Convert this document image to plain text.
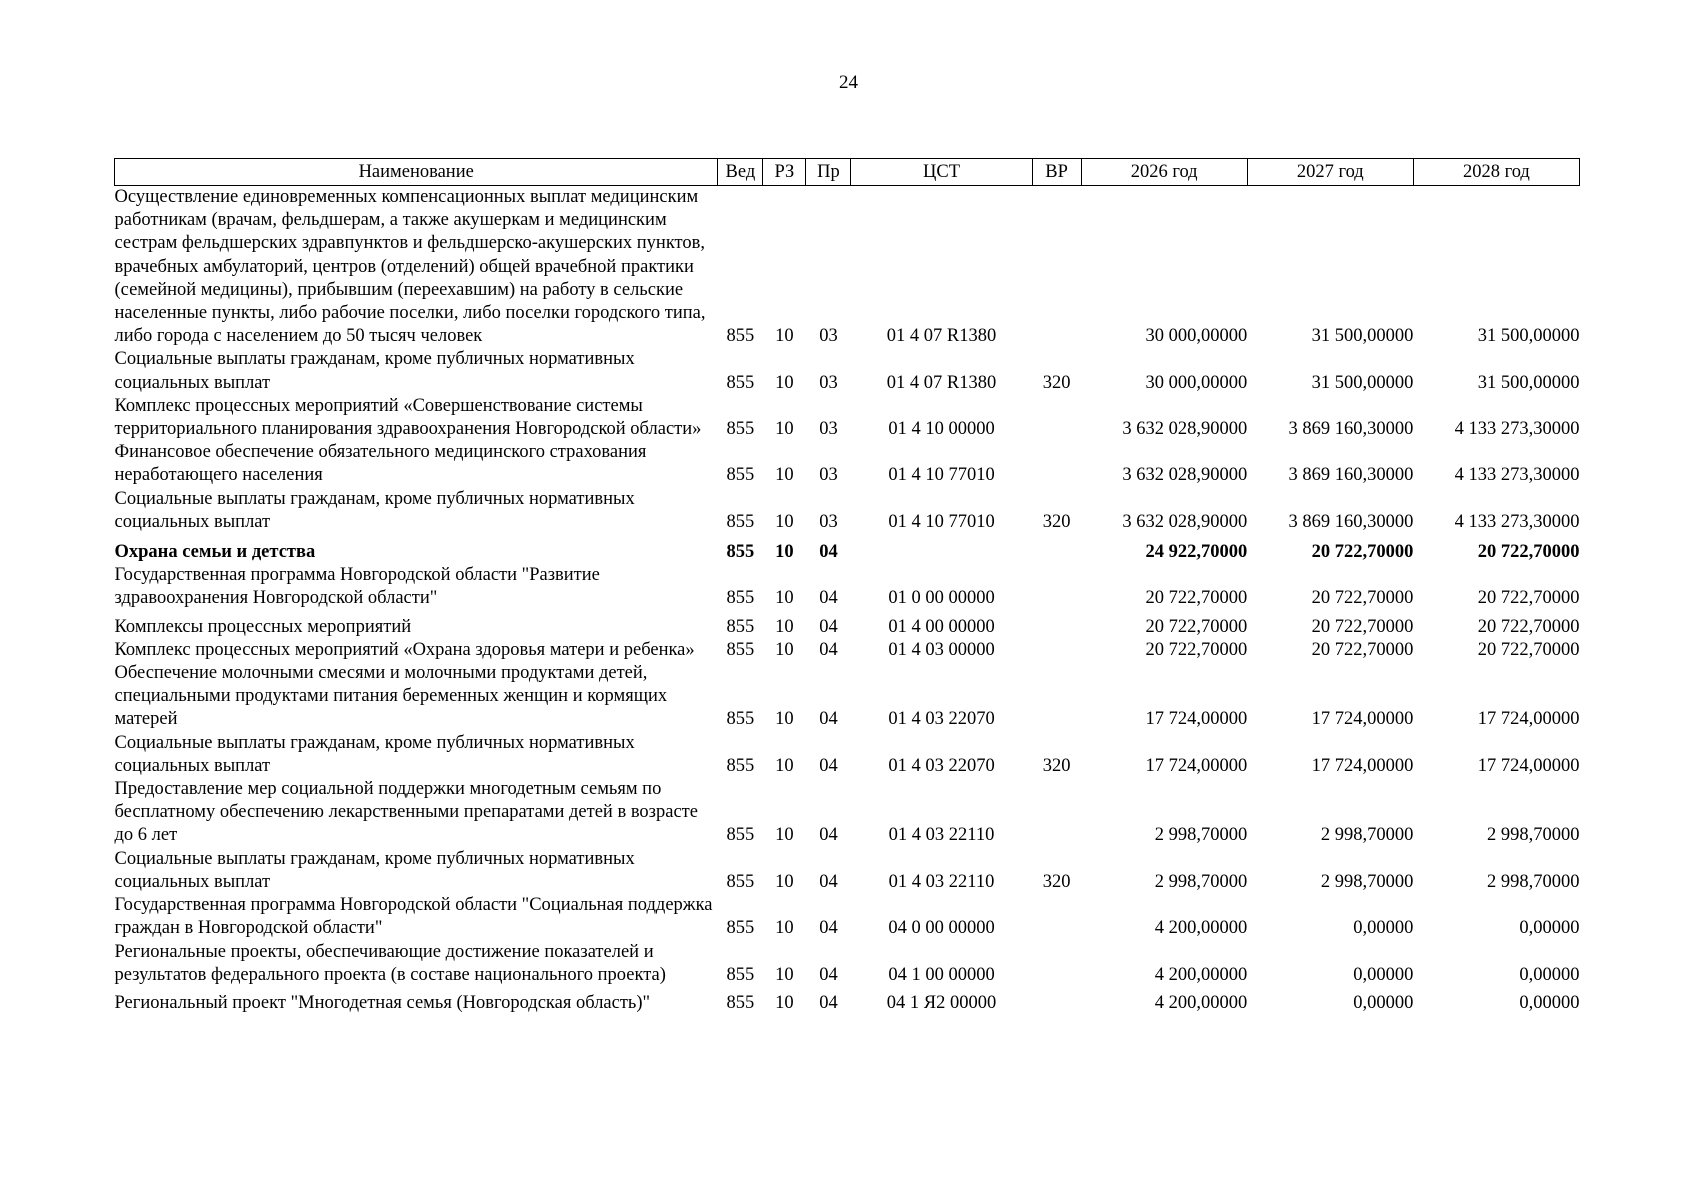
24
Наименование	Вед	РЗ	Пр	ЦСТ	ВР	2026 год	2027 год	2028 год
Осуществление единовременных компенсационных выплат медицинским работникам (врачам, фельдшерам, а также акушеркам и медицинским сестрам фельдшерских здравпунктов и фельдшерско-акушерских пунктов, врачебных амбулаторий, центров (отделений) общей врачебной практики (семейной медицины), прибывшим (переехавшим) на работу в сельские населенные пункты, либо рабочие поселки, либо поселки городского типа, либо города с населением до 50 тысяч человек	855	10	03	01 4 07 R1380		30 000,00000	31 500,00000	31 500,00000
Социальные выплаты гражданам, кроме публичных нормативных социальных выплат	855	10	03	01 4 07 R1380	320	30 000,00000	31 500,00000	31 500,00000
Комплекс процессных мероприятий «Совершенствование системы территориального планирования здравоохранения Новгородской области»	855	10	03	01 4 10 00000		3 632 028,90000	3 869 160,30000	4 133 273,30000
Финансовое обеспечение обязательного медицинского страхования неработающего населения	855	10	03	01 4 10 77010		3 632 028,90000	3 869 160,30000	4 133 273,30000
Социальные выплаты гражданам, кроме публичных нормативных социальных выплат	855	10	03	01 4 10 77010	320	3 632 028,90000	3 869 160,30000	4 133 273,30000
Охрана семьи и детства	855	10	04			24 922,70000	20 722,70000	20 722,70000
Государственная программа Новгородской области "Развитие здравоохранения Новгородской области"	855	10	04	01 0 00 00000		20 722,70000	20 722,70000	20 722,70000
Комплексы процессных мероприятий	855	10	04	01 4 00 00000		20 722,70000	20 722,70000	20 722,70000
Комплекс процессных мероприятий «Охрана здоровья матери и ребенка»	855	10	04	01 4 03 00000		20 722,70000	20 722,70000	20 722,70000
Обеспечение молочными смесями и молочными продуктами детей, специальными продуктами питания беременных женщин и кормящих матерей	855	10	04	01 4 03 22070		17 724,00000	17 724,00000	17 724,00000
Социальные выплаты гражданам, кроме публичных нормативных социальных выплат	855	10	04	01 4 03 22070	320	17 724,00000	17 724,00000	17 724,00000
Предоставление мер социальной поддержки многодетным семьям по бесплатному обеспечению лекарственными препаратами детей в возрасте до 6 лет	855	10	04	01 4 03 22110		2 998,70000	2 998,70000	2 998,70000
Социальные выплаты гражданам, кроме публичных нормативных социальных выплат	855	10	04	01 4 03 22110	320	2 998,70000	2 998,70000	2 998,70000
Государственная программа Новгородской области "Социальная поддержка граждан в Новгородской области"	855	10	04	04 0 00 00000		4 200,00000	0,00000	0,00000
Региональные проекты, обеспечивающие достижение показателей и результатов федерального проекта (в составе национального проекта)	855	10	04	04 1 00 00000		4 200,00000	0,00000	0,00000
Региональный проект "Многодетная семья (Новгородская область)"	855	10	04	04 1 Я2 00000		4 200,00000	0,00000	0,00000
